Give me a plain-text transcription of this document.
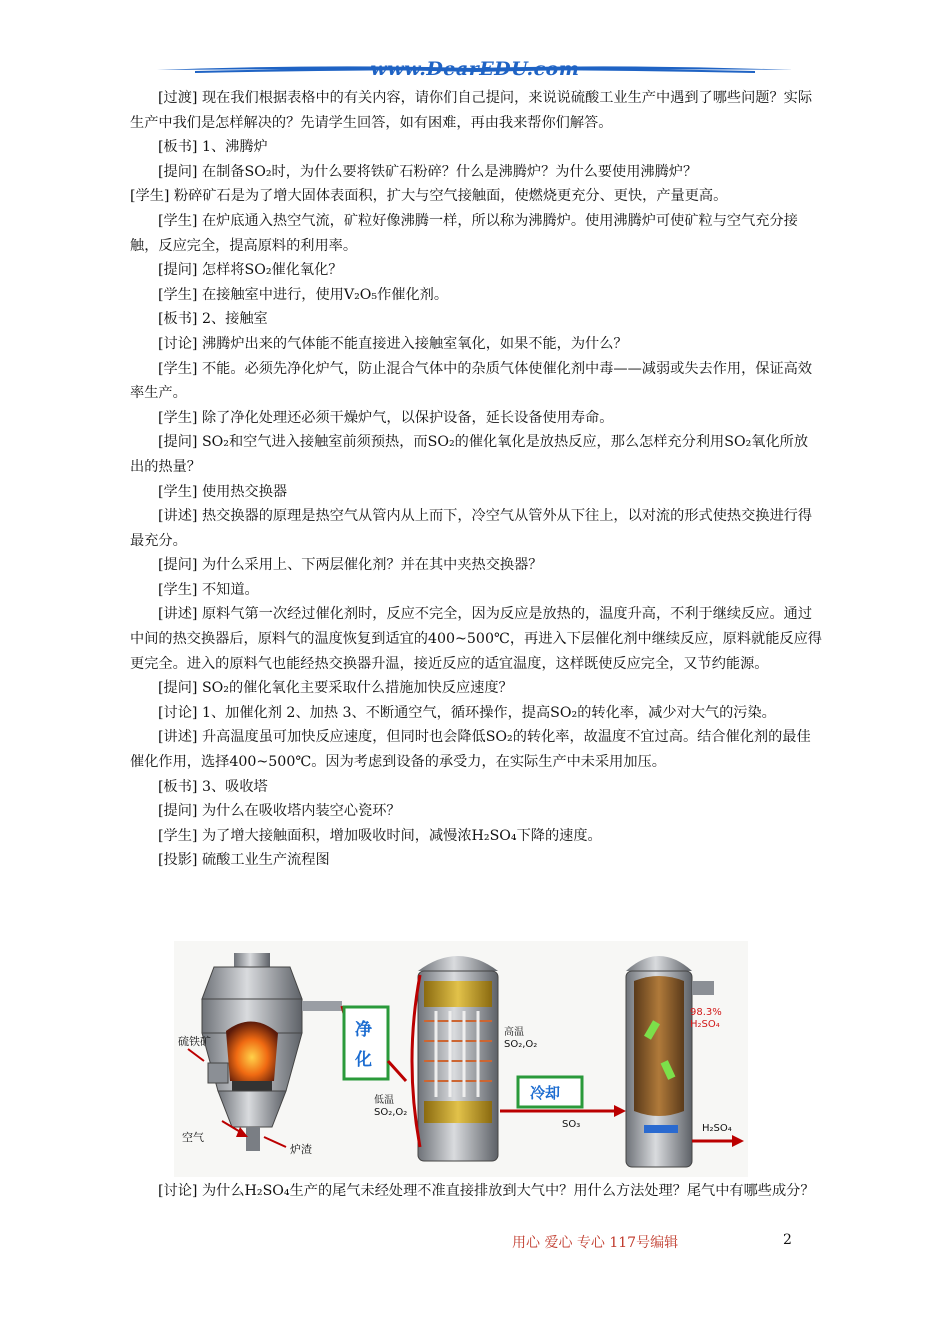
www.DearEDU.com

[过渡] 现在我们根据表格中的有关内容，请你们自己提问，来说说硫酸工业生产中遇到了哪些问题？实际生产中我们是怎样解决的？先请学生回答，如有困难，再由我来帮你们解答。

[板书] 1、沸腾炉

[提问] 在制备SO₂时，为什么要将铁矿石粉碎？什么是沸腾炉？为什么要使用沸腾炉？

[学生] 粉碎矿石是为了增大固体表面积，扩大与空气接触面，使燃烧更充分、更快，产量更高。

[学生] 在炉底通入热空气流，矿粒好像沸腾一样，所以称为沸腾炉。使用沸腾炉可使矿粒与空气充分接触，反应完全，提高原料的利用率。

[提问] 怎样将SO₂催化氧化？

[学生] 在接触室中进行，使用V₂O₅作催化剂。

[板书] 2、接触室

[讨论] 沸腾炉出来的气体能不能直接进入接触室氧化，如果不能，为什么？

[学生] 不能。必须先净化炉气，防止混合气体中的杂质气体使催化剂中毒——减弱或失去作用，保证高效率生产。

[学生] 除了净化处理还必须干燥炉气，以保护设备，延长设备使用寿命。

[提问] SO₂和空气进入接触室前须预热，而SO₂的催化氧化是放热反应，那么怎样充分利用SO₂氧化所放出的热量？

[学生] 使用热交换器

[讲述] 热交换器的原理是热空气从管内从上而下，冷空气从管外从下往上，以对流的形式使热交换进行得最充分。

[提问] 为什么采用上、下两层催化剂？并在其中夹热交换器？

[学生] 不知道。

[讲述] 原料气第一次经过催化剂时，反应不完全，因为反应是放热的，温度升高，不利于继续反应。通过中间的热交换器后，原料气的温度恢复到适宜的400~500℃，再进入下层催化剂中继续反应，原料就能反应得更完全。进入的原料气也能经热交换器升温，接近反应的适宜温度，这样既使反应完全，又节约能源。

[提问] SO₂的催化氧化主要采取什么措施加快反应速度？

[讨论] 1、加催化剂 2、加热 3、不断通空气，循环操作，提高SO₂的转化率，减少对大气的污染。

[讲述] 升高温度虽可加快反应速度，但同时也会降低SO₂的转化率，故温度不宜过高。结合催化剂的最佳催化作用，选择400~500℃。因为考虑到设备的承受力，在实际生产中未采用加压。

[板书] 3、吸收塔

[提问] 为什么在吸收塔内装空心瓷环？

[学生] 为了增大接触面积，增加吸收时间，减慢浓H₂SO₄下降的速度。

[投影] 硫酸工业生产流程图

硫铁矿
空气
炉渣
净
化
低温
SO₂,O₂
高温
SO₂,O₂
冷却
SO₃
98.3%
H₂SO₄
H₂SO₄

[讨论] 为什么H₂SO₄生产的尾气未经处理不准直接排放到大气中？用什么方法处理？尾气中有哪些成分？

用心 爱心 专心 117号编辑	2
